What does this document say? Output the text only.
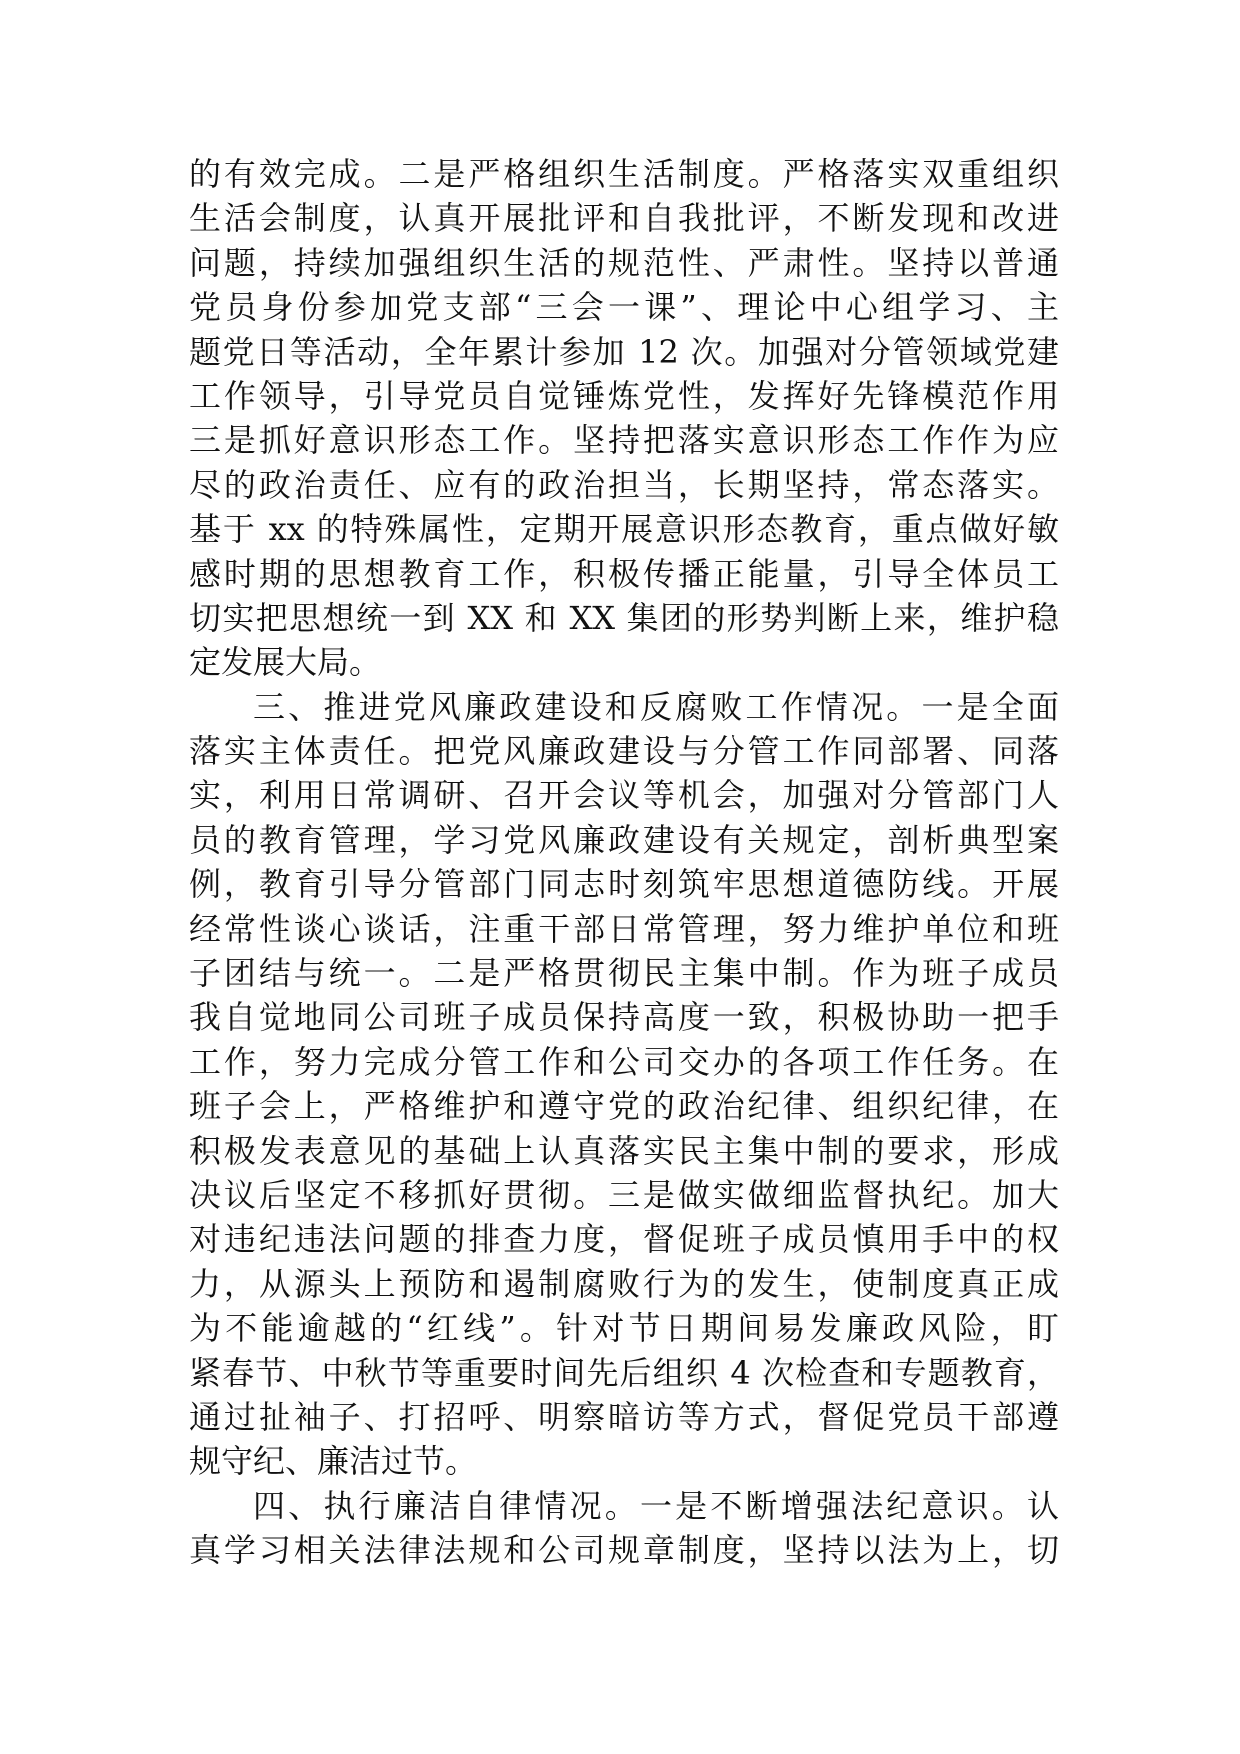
的有效完成。二是严格组织生活制度。严格落实双重组织
生活会制度，认真开展批评和自我批评，不断发现和改进
问题，持续加强组织生活的规范性、严肃性。坚持以普通
党员身份参加党支部“三会一课”、理论中心组学习、主
题党日等活动，全年累计参加 12 次。加强对分管领域党建
工作领导，引导党员自觉锤炼党性，发挥好先锋模范作用
三是抓好意识形态工作。坚持把落实意识形态工作作为应
尽的政治责任、应有的政治担当，长期坚持，常态落实。
基于 xx 的特殊属性，定期开展意识形态教育，重点做好敏
感时期的思想教育工作，积极传播正能量，引导全体员工
切实把思想统一到 XX 和 XX 集团的形势判断上来，维护稳
定发展大局。
三、推进党风廉政建设和反腐败工作情况。一是全面
落实主体责任。把党风廉政建设与分管工作同部署、同落
实，利用日常调研、召开会议等机会，加强对分管部门人
员的教育管理，学习党风廉政建设有关规定，剖析典型案
例，教育引导分管部门同志时刻筑牢思想道德防线。开展
经常性谈心谈话，注重干部日常管理，努力维护单位和班
子团结与统一。二是严格贯彻民主集中制。作为班子成员
我自觉地同公司班子成员保持高度一致，积极协助一把手
工作，努力完成分管工作和公司交办的各项工作任务。在
班子会上，严格维护和遵守党的政治纪律、组织纪律，在
积极发表意见的基础上认真落实民主集中制的要求，形成
决议后坚定不移抓好贯彻。三是做实做细监督执纪。加大
对违纪违法问题的排查力度，督促班子成员慎用手中的权
力，从源头上预防和遏制腐败行为的发生，使制度真正成
为不能逾越的“红线”。针对节日期间易发廉政风险，盯
紧春节、中秋节等重要时间先后组织 4 次检查和专题教育，
通过扯袖子、打招呼、明察暗访等方式，督促党员干部遵
规守纪、廉洁过节。
四、执行廉洁自律情况。一是不断增强法纪意识。认
真学习相关法律法规和公司规章制度，坚持以法为上，切
